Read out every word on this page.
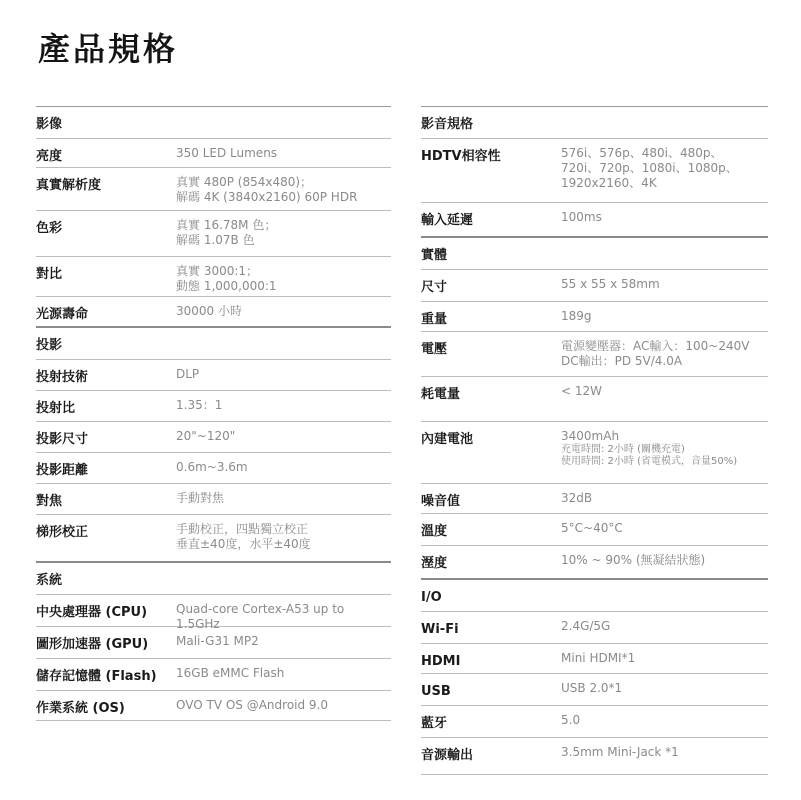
產品規格
影像
亮度	350 LED Lumens
真實解析度	真實 480P (854x480)；
解碼 4K (3840x2160) 60P HDR
色彩	真實 16.78M 色；
解碼 1.07B 色
對比	真實 3000:1；
動態 1,000,000:1
光源壽命	30000 小時
投影
投射技術	DLP
投射比	1.35：1
投影尺寸	20"~120"
投影距離	0.6m~3.6m
對焦	手動對焦
梯形校正	手動校正，四點獨立校正
垂直±40度，水平±40度
系統
中央處理器 (CPU)	Quad-core Cortex-A53 up to 1.5GHz
圖形加速器 (GPU)	Mali-G31 MP2
儲存記憶體 (Flash)	16GB eMMC Flash
作業系統 (OS)	OVO TV OS @Android 9.0
影音規格
HDTV相容性	576i、576p、480i、480p、
720i、720p、1080i、1080p、
1920x2160、4K
輸入延遲	100ms
實體
尺寸	55 x 55 x 58mm
重量	189g
電壓	電源變壓器：AC輸入：100~240V
DC輸出：PD 5V/4.0A
耗電量	< 12W
內建電池	3400mAh
充電時間: 2小時 (關機充電)
使用時間: 2小時 (省電模式，音量50%)
噪音值	32dB
溫度	5°C~40°C
溼度	10% ~ 90% (無凝結狀態)
I/O
Wi-Fi	2.4G/5G
HDMI	Mini HDMI*1
USB	USB 2.0*1
藍牙	5.0
音源輸出	3.5mm Mini-Jack *1
